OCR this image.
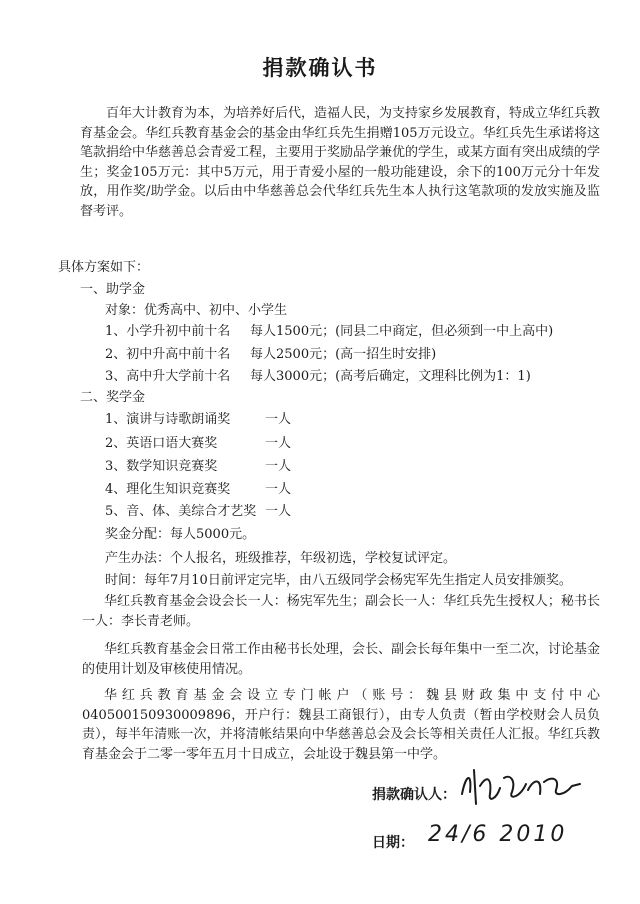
捐款确认书
百年大计教育为本，为培养好后代，造福人民，为支持家乡发展教育，特成立华红兵教育基金会。华红兵教育基金会的基金由华红兵先生捐赠105万元设立。华红兵先生承诺将这笔款捐给中华慈善总会青爱工程，主要用于奖励品学兼优的学生，或某方面有突出成绩的学生；奖金105万元：其中5万元，用于青爱小屋的一般功能建设，余下的100万元分十年发放，用作奖/助学金。以后由中华慈善总会代华红兵先生本人执行这笔款项的发放实施及监督考评。
具体方案如下：
一、助学金
对象：优秀高中、初中、小学生
1、小学升初中前十名 每人1500元；(同县二中商定，但必须到一中上高中)
2、初中升高中前十名 每人2500元；(高一招生时安排)
3、高中升大学前十名 每人3000元；(高考后确定，文理科比例为1：1)
二、奖学金
1、演讲与诗歌朗诵奖	一人
2、英语口语大赛奖	一人
3、数学知识竞赛奖	一人
4、理化生知识竞赛奖	一人
5、音、体、美综合才艺奖 一人
奖金分配：每人5000元。
产生办法：个人报名，班级推荐，年级初选，学校复试评定。
时间：每年7月10日前评定完毕，由八五级同学会杨宪军先生指定人员安排颁奖。
华红兵教育基金会设会长一人：杨宪军先生；副会长一人：华红兵先生授权人；秘书长一人：李长青老师。
华红兵教育基金会日常工作由秘书长处理，会长、副会长每年集中一至二次，讨论基金的使用计划及审核使用情况。
华红兵教育基金会设立专门帐户（账号：魏县财政集中支付中心040500150930009896，开户行：魏县工商银行），由专人负责（暂由学校财会人员负责），每半年清账一次，并将清帐结果向中华慈善总会及会长等相关责任人汇报。华红兵教育基金会于二零一零年五月十日成立，会址设于魏县第一中学。
捐款确认人：
日期： 24/6 2010
